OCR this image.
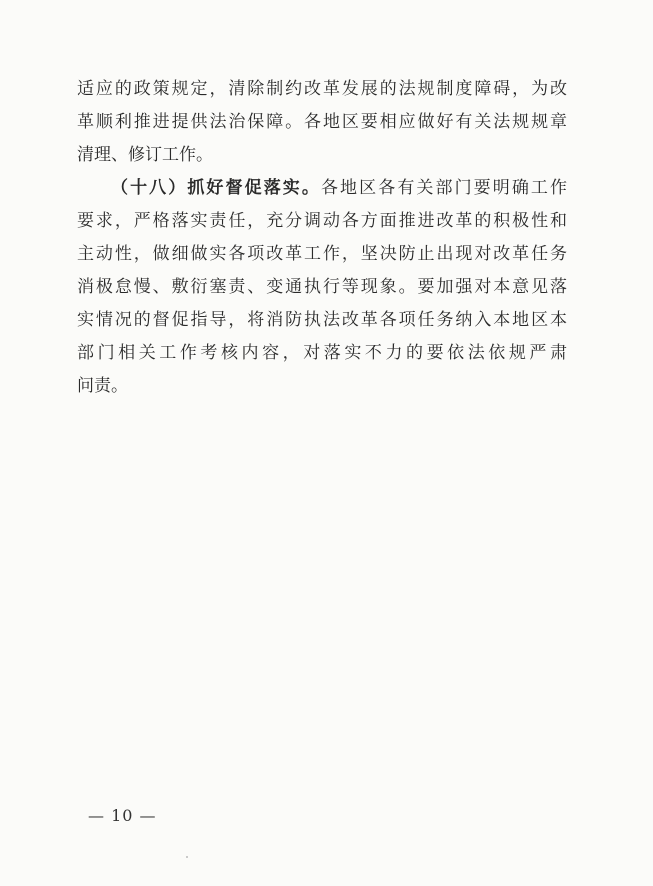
适应的政策规定，清除制约改革发展的法规制度障碍，为改
革顺利推进提供法治保障。各地区要相应做好有关法规规章
清理、修订工作。
（十八）抓好督促落实。各地区各有关部门要明确工作
要求，严格落实责任，充分调动各方面推进改革的积极性和
主动性，做细做实各项改革工作，坚决防止出现对改革任务
消极怠慢、敷衍塞责、变通执行等现象。要加强对本意见落
实情况的督促指导，将消防执法改革各项任务纳入本地区本
部门相关工作考核内容，对落实不力的要依法依规严肃
问责。
— 10 —
